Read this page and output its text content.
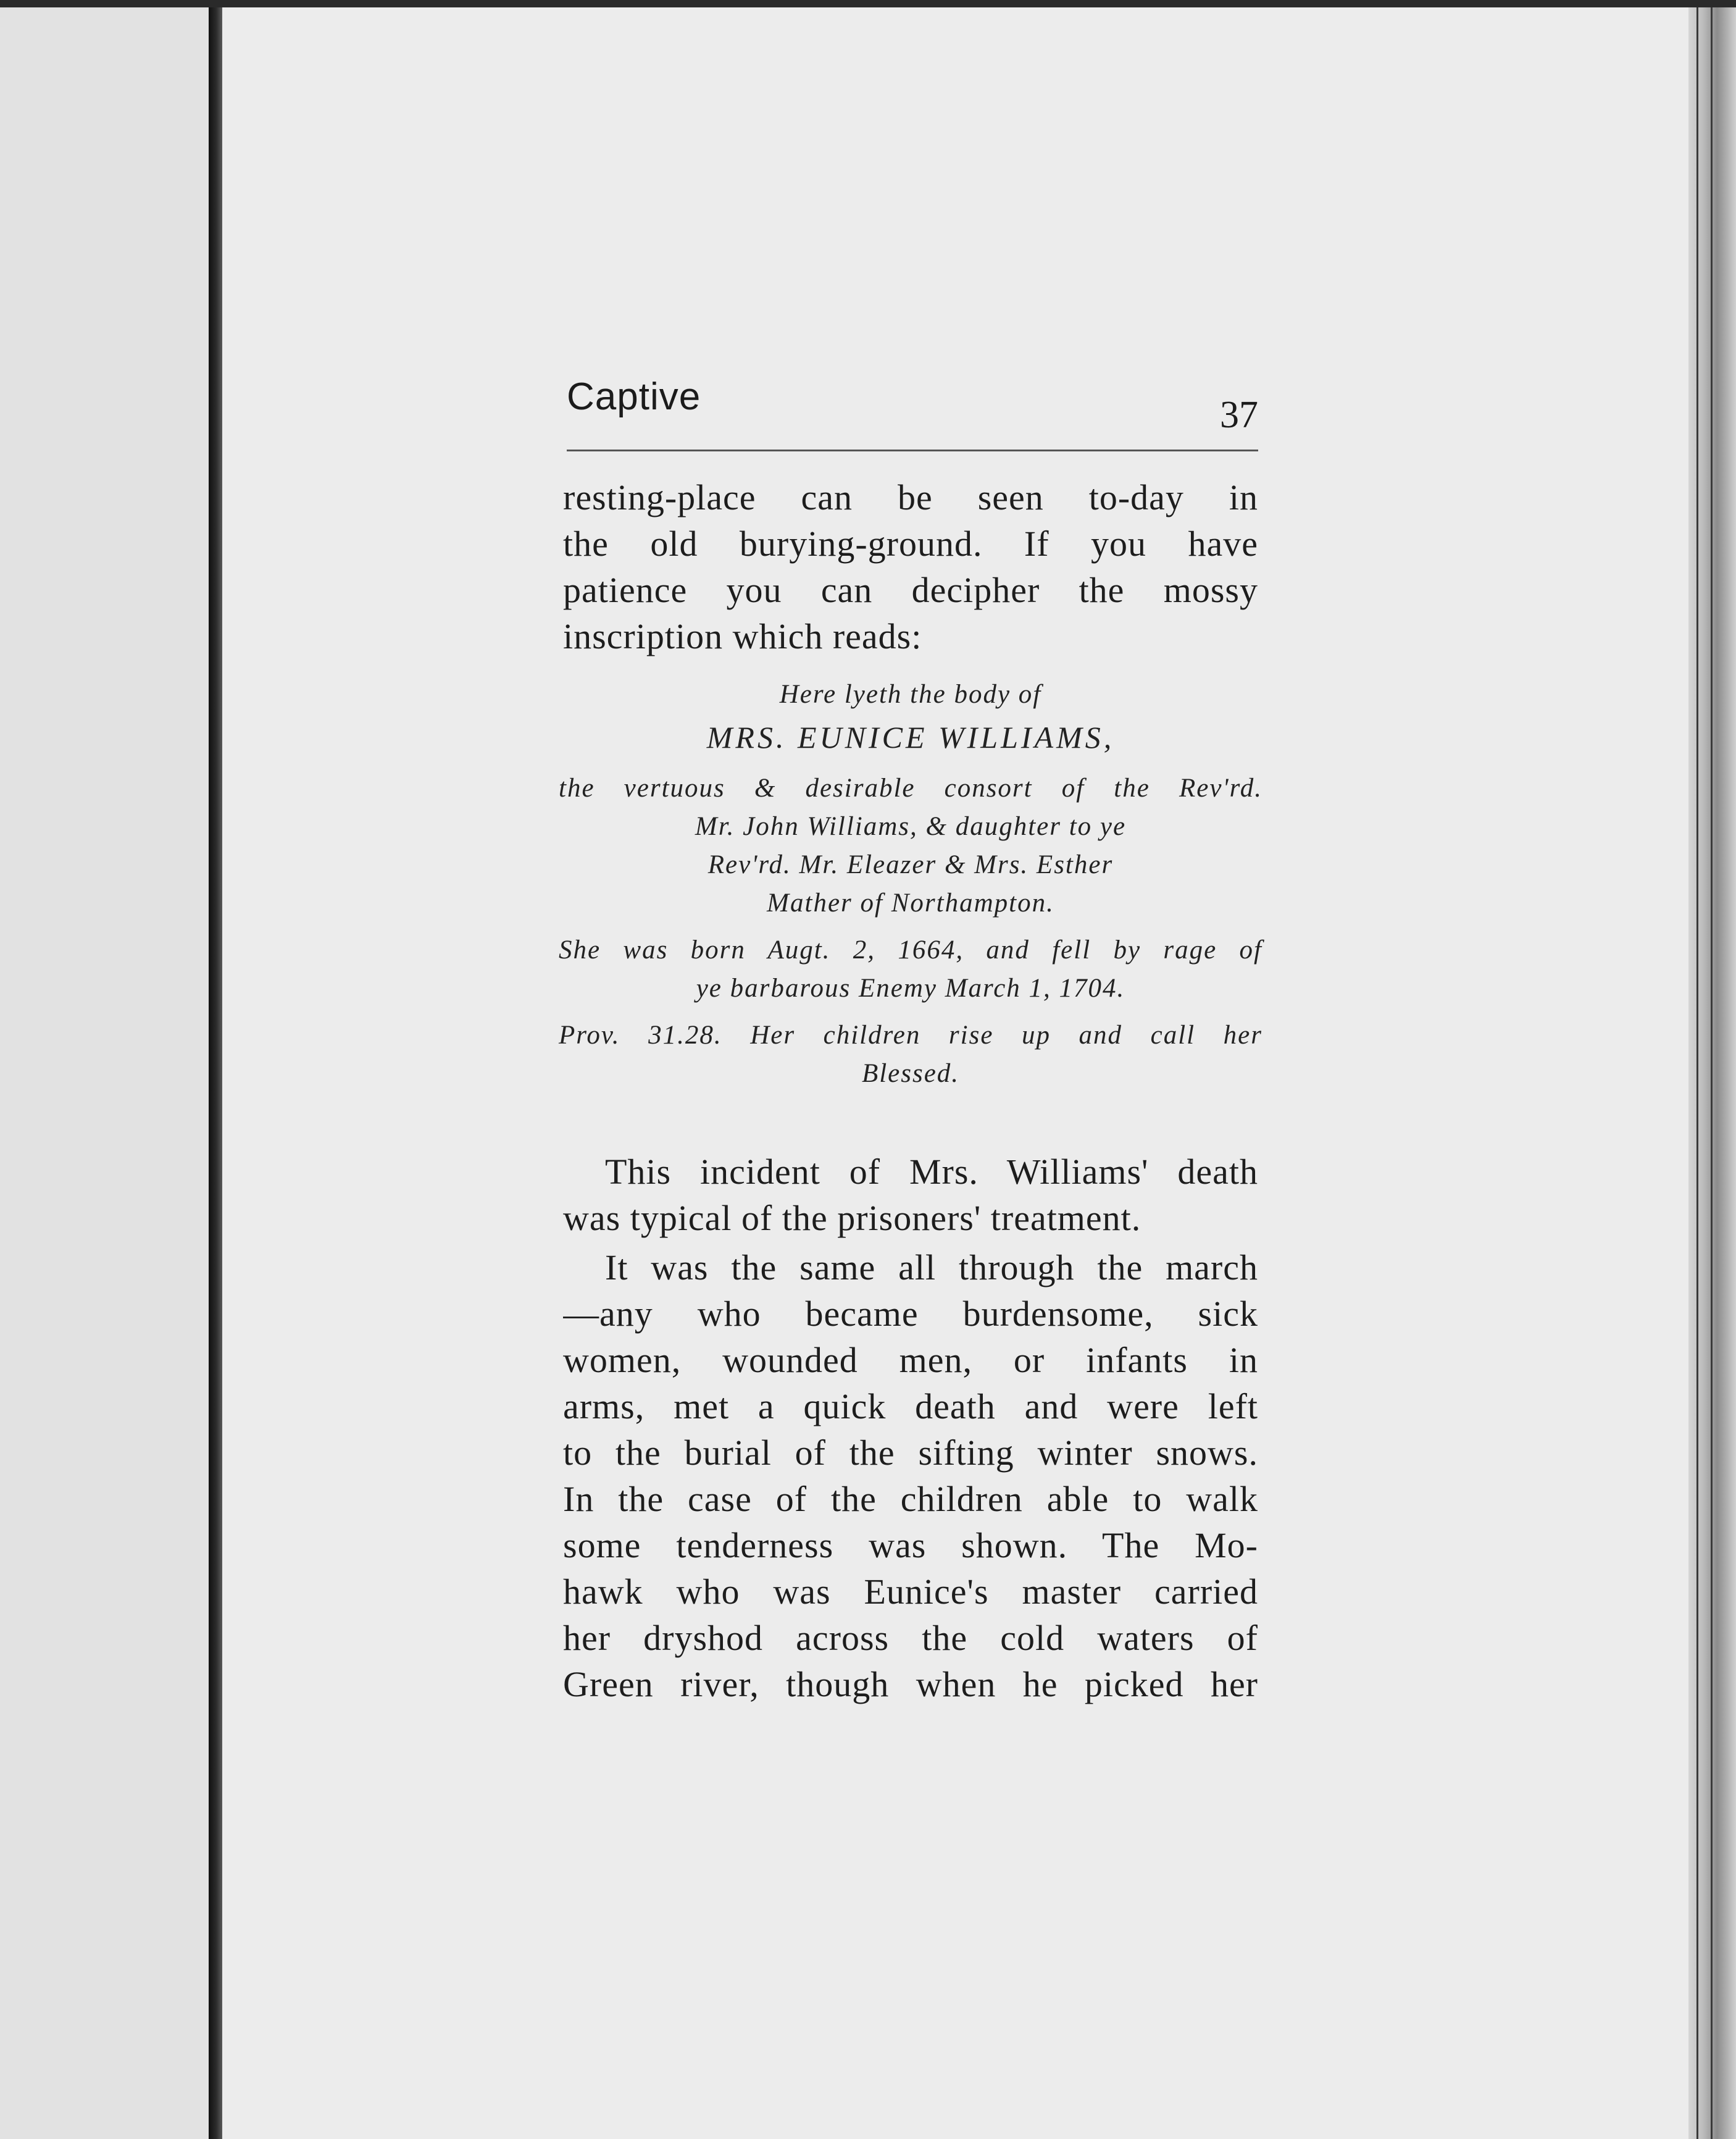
Captive	37
resting-place can be seen to-day in
the old burying-ground. If you have
patience you can decipher the mossy
inscription which reads:
Here lyeth the body of
MRS. EUNICE WILLIAMS,
the vertuous & desirable consort of the Rev'rd.
Mr. John Williams, & daughter to ye
Rev'rd. Mr. Eleazer & Mrs. Esther
Mather of Northampton.
She was born Augt. 2, 1664, and fell by rage of
ye barbarous Enemy March 1, 1704.
Prov. 31.28. Her children rise up and call her
Blessed.
This incident of Mrs. Williams' death
was typical of the prisoners' treatment.
It was the same all through the march
—any who became burdensome, sick
women, wounded men, or infants in
arms, met a quick death and were left
to the burial of the sifting winter snows.
In the case of the children able to walk
some tenderness was shown. The Mo-
hawk who was Eunice's master carried
her dryshod across the cold waters of
Green river, though when he picked her
